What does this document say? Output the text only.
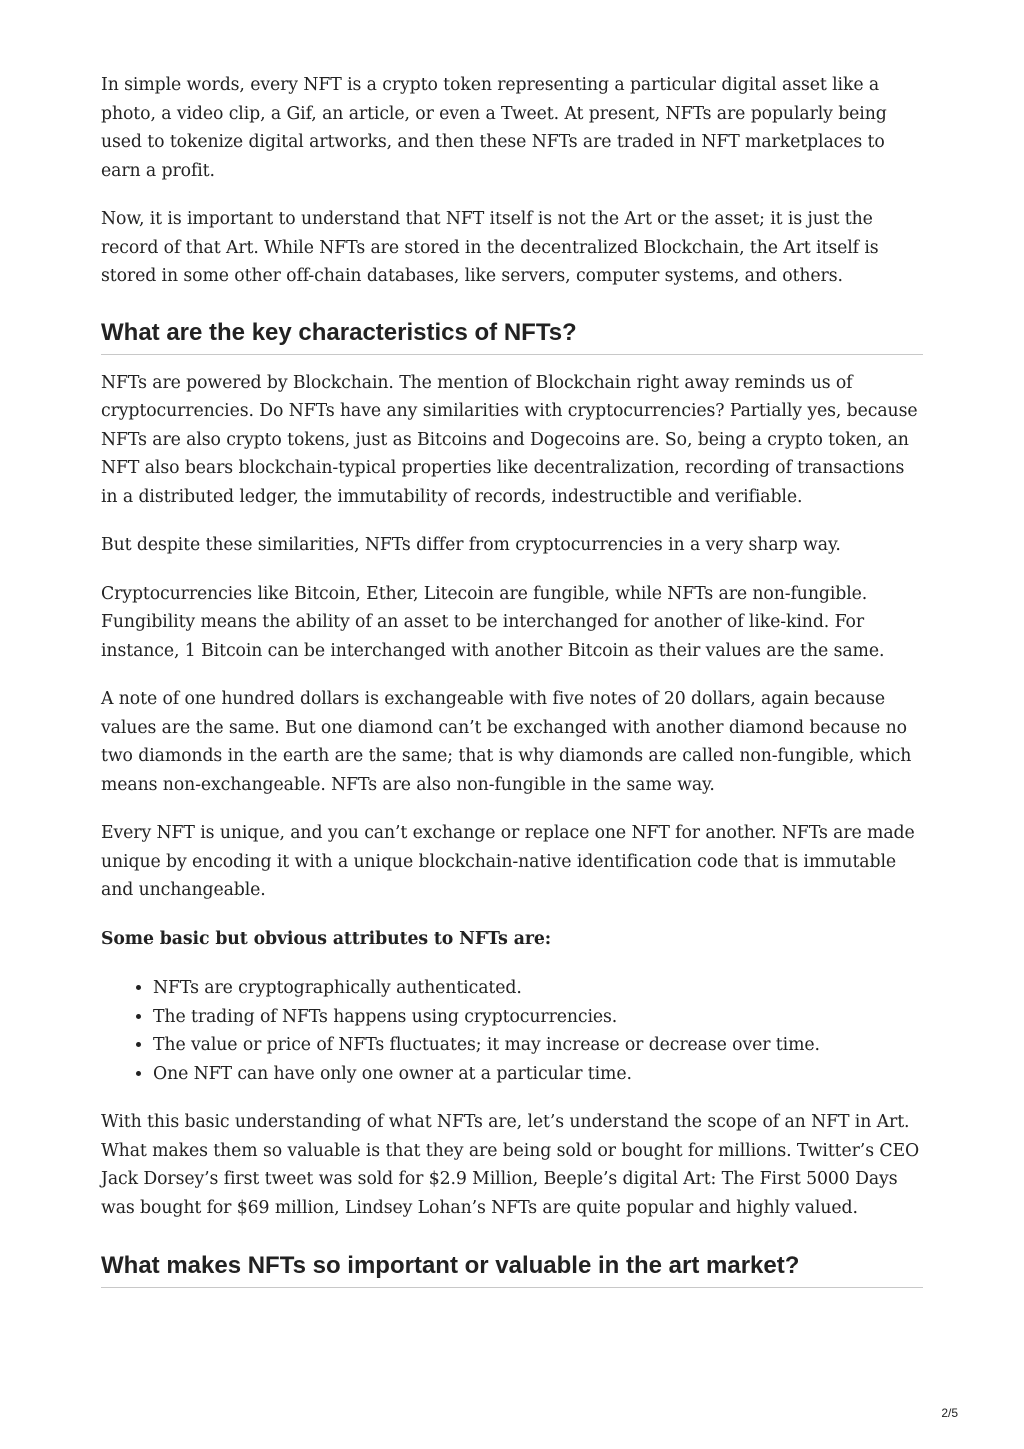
In simple words, every NFT is a crypto token representing a particular digital asset like a photo, a video clip, a Gif, an article, or even a Tweet. At present, NFTs are popularly being used to tokenize digital artworks, and then these NFTs are traded in NFT marketplaces to earn a profit.

Now, it is important to understand that NFT itself is not the Art or the asset; it is just the record of that Art. While NFTs are stored in the decentralized Blockchain, the Art itself is stored in some other off-chain databases, like servers, computer systems, and others.

What are the key characteristics of NFTs?

NFTs are powered by Blockchain. The mention of Blockchain right away reminds us of cryptocurrencies. Do NFTs have any similarities with cryptocurrencies? Partially yes, because NFTs are also crypto tokens, just as Bitcoins and Dogecoins are. So, being a crypto token, an NFT also bears blockchain-typical properties like decentralization, recording of transactions in a distributed ledger, the immutability of records, indestructible and verifiable.

But despite these similarities, NFTs differ from cryptocurrencies in a very sharp way.

Cryptocurrencies like Bitcoin, Ether, Litecoin are fungible, while NFTs are non-fungible. Fungibility means the ability of an asset to be interchanged for another of like-kind. For instance, 1 Bitcoin can be interchanged with another Bitcoin as their values are the same.

A note of one hundred dollars is exchangeable with five notes of 20 dollars, again because values are the same. But one diamond can’t be exchanged with another diamond because no two diamonds in the earth are the same; that is why diamonds are called non-fungible, which means non-exchangeable. NFTs are also non-fungible in the same way.

Every NFT is unique, and you can’t exchange or replace one NFT for another. NFTs are made unique by encoding it with a unique blockchain-native identification code that is immutable and unchangeable.

Some basic but obvious attributes to NFTs are:

• NFTs are cryptographically authenticated.
• The trading of NFTs happens using cryptocurrencies.
• The value or price of NFTs fluctuates; it may increase or decrease over time.
• One NFT can have only one owner at a particular time.

With this basic understanding of what NFTs are, let’s understand the scope of an NFT in Art. What makes them so valuable is that they are being sold or bought for millions. Twitter’s CEO Jack Dorsey’s first tweet was sold for $2.9 Million, Beeple’s digital Art: The First 5000 Days was bought for $69 million, Lindsey Lohan’s NFTs are quite popular and highly valued.

What makes NFTs so important or valuable in the art market?
2/5
